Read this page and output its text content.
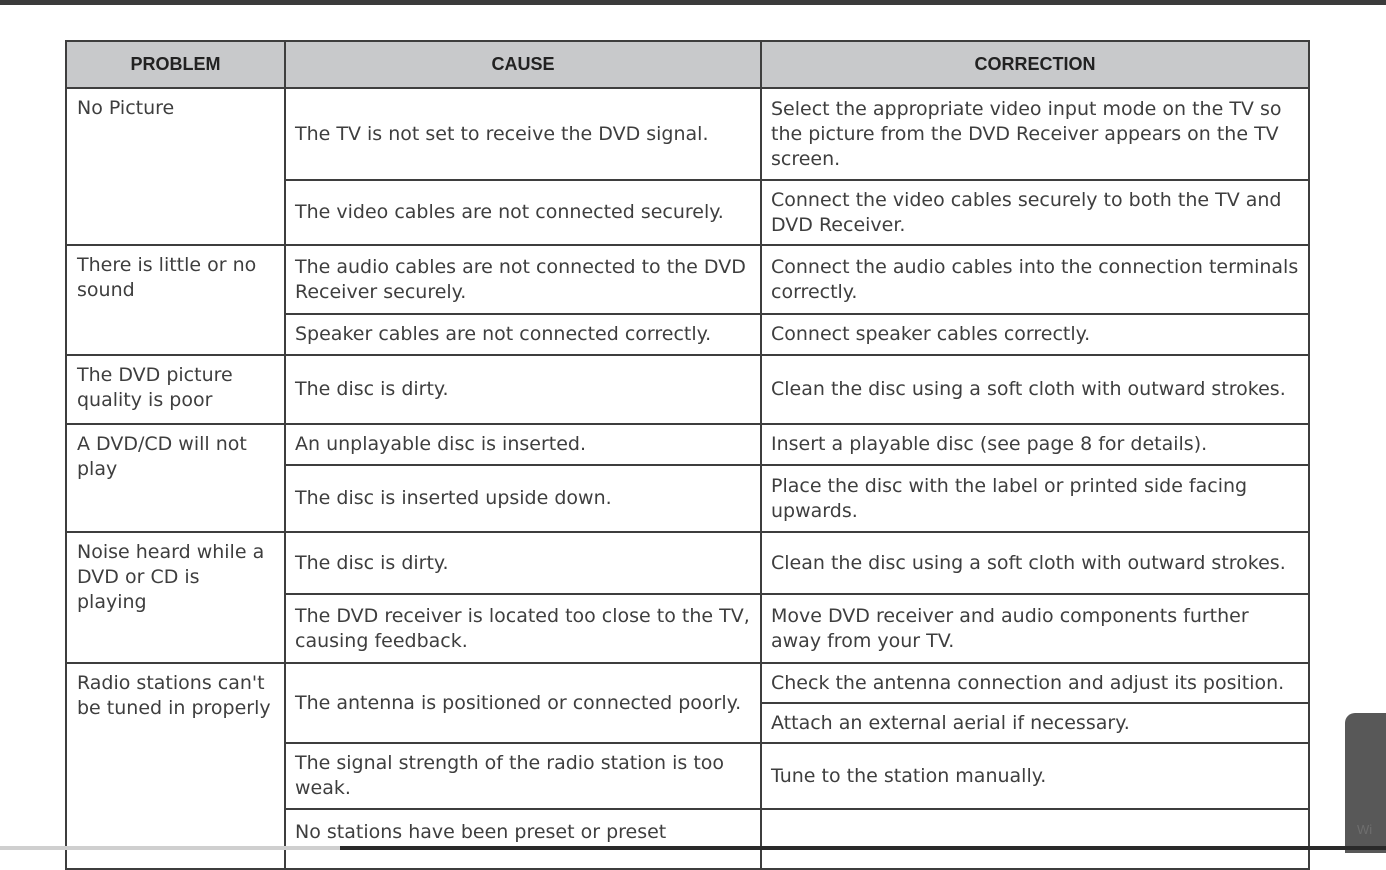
PROBLEM	CAUSE	CORRECTION
No Picture	The TV is not set to receive the DVD signal.	Select the appropriate video input mode on the TV so the picture from the DVD Receiver appears on the TV screen.
	The video cables are not connected securely.	Connect the video cables securely to both the TV and DVD Receiver.
There is little or no sound	The audio cables are not connected to the DVD Receiver securely.	Connect the audio cables into the connection terminals correctly.
	Speaker cables are not connected correctly.	Connect speaker cables correctly.
The DVD picture quality is poor	The disc is dirty.	Clean the disc using a soft cloth with outward strokes.
A DVD/CD will not play	An unplayable disc is inserted.	Insert a playable disc (see page 8 for details).
	The disc is inserted upside down.	Place the disc with the label or printed side facing upwards.
Noise heard while a DVD or CD is playing	The disc is dirty.	Clean the disc using a soft cloth with outward strokes.
	The DVD receiver is located too close to the TV, causing feedback.	Move DVD receiver and audio components further away from your TV.
Radio stations can't be tuned in properly	The antenna is positioned or connected poorly.	Check the antenna connection and adjust its position.
		Attach an external aerial if necessary.
	The signal strength of the radio station is too weak.	Tune to the station manually.
	No stations have been preset or preset		Wi
